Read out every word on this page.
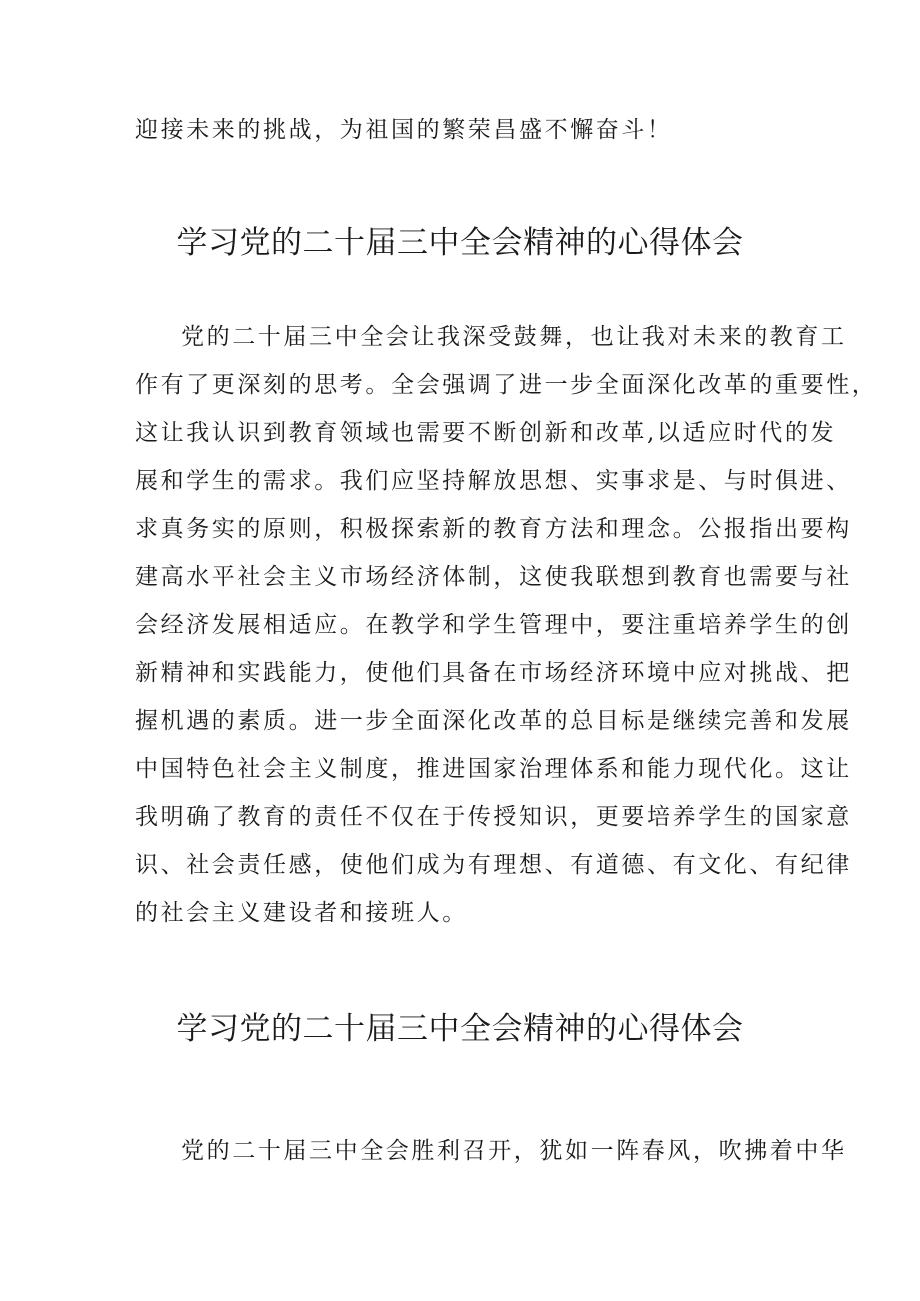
迎接未来的挑战，为祖国的繁荣昌盛不懈奋斗！
学习党的二十届三中全会精神的心得体会
党的二十届三中全会让我深受鼓舞，也让我对未来的教育工
作有了更深刻的思考。全会强调了进一步全面深化改革的重要性，
这让我认识到教育领域也需要不断创新和改革,以适应时代的发
展和学生的需求。我们应坚持解放思想、实事求是、与时俱进、
求真务实的原则，积极探索新的教育方法和理念。公报指出要构
建高水平社会主义市场经济体制，这使我联想到教育也需要与社
会经济发展相适应。在教学和学生管理中，要注重培养学生的创
新精神和实践能力，使他们具备在市场经济环境中应对挑战、把
握机遇的素质。进一步全面深化改革的总目标是继续完善和发展
中国特色社会主义制度，推进国家治理体系和能力现代化。这让
我明确了教育的责任不仅在于传授知识，更要培养学生的国家意
识、社会责任感，使他们成为有理想、有道德、有文化、有纪律
的社会主义建设者和接班人。
学习党的二十届三中全会精神的心得体会
党的二十届三中全会胜利召开，犹如一阵春风，吹拂着中华
